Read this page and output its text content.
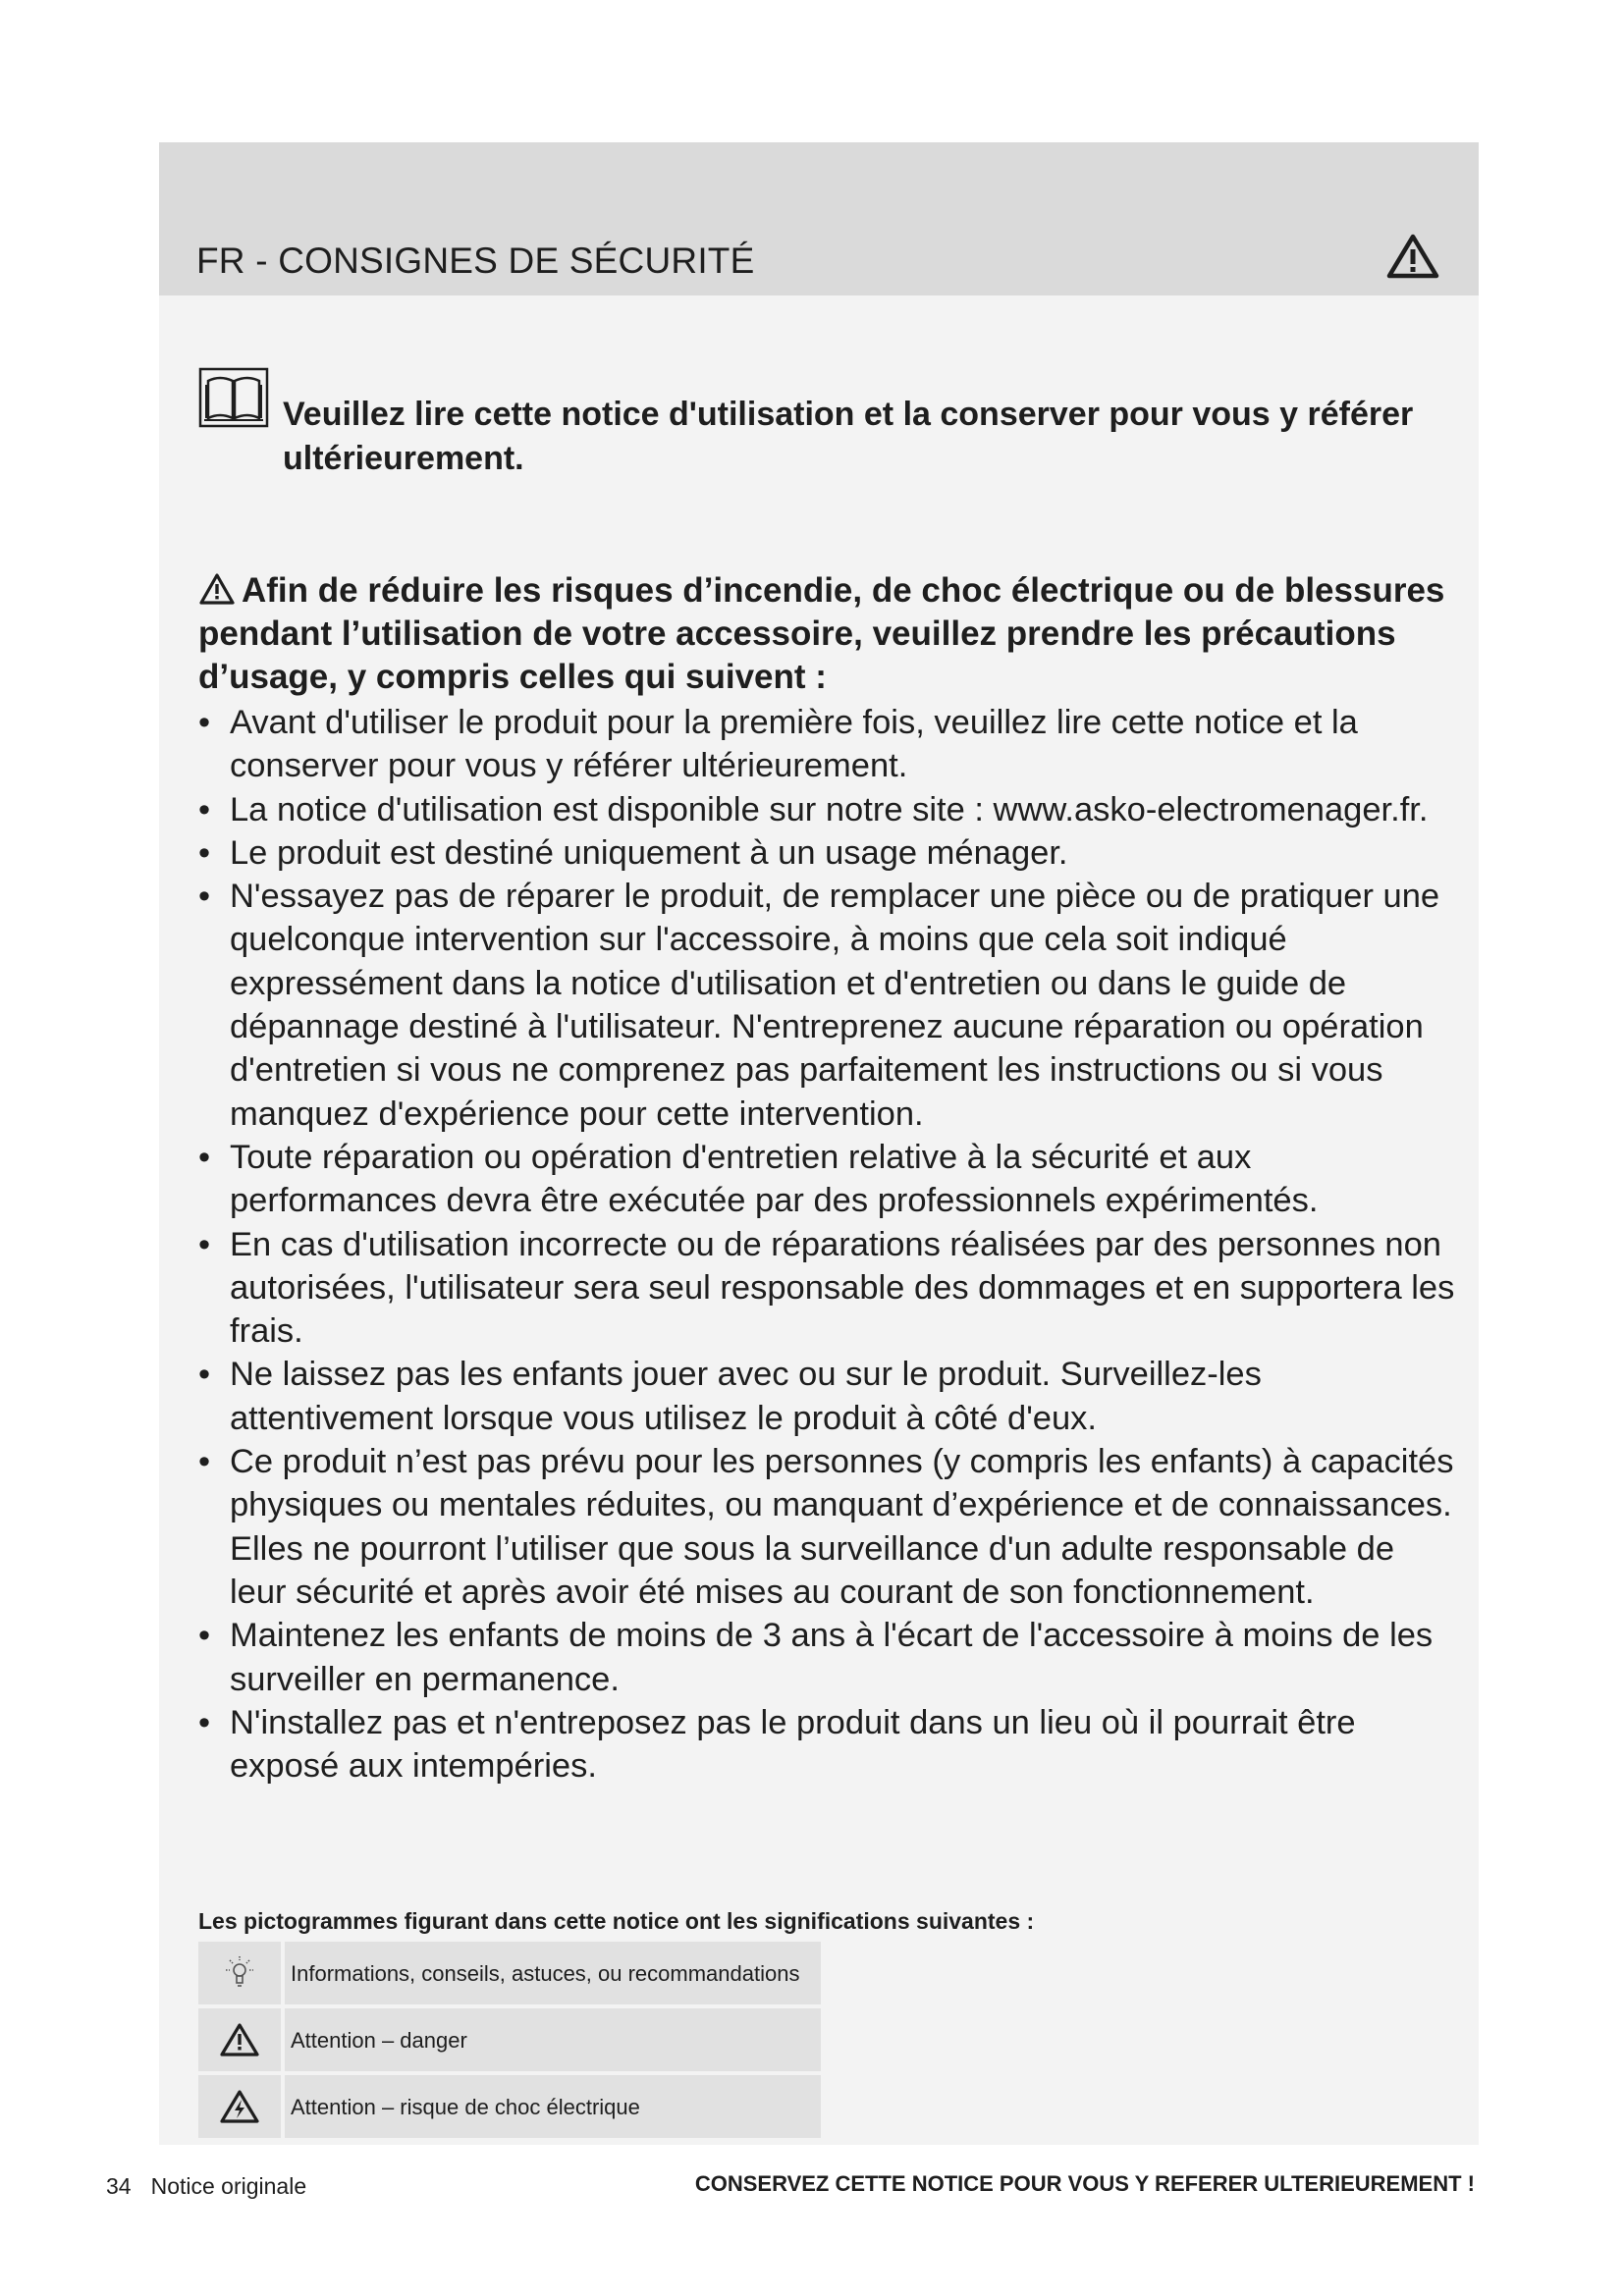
FR - CONSIGNES DE SÉCURITÉ
Veuillez lire cette notice d'utilisation et la conserver pour vous y référer ultérieurement.
Afin de réduire les risques d’incendie, de choc électrique ou de blessures pendant l’utilisation de votre accessoire, veuillez prendre les précautions d’usage, y compris celles qui suivent :
• Avant d'utiliser le produit pour la première fois, veuillez lire cette notice et la conserver pour vous y référer ultérieurement.
• La notice d'utilisation est disponible sur notre site : www.asko-electromenager.fr.
• Le produit est destiné uniquement à un usage ménager.
• N'essayez pas de réparer le produit, de remplacer une pièce ou de pratiquer une quelconque intervention sur l'accessoire, à moins que cela soit indiqué expressément dans la notice d'utilisation et d'entretien ou dans le guide de dépannage destiné à l'utilisateur. N'entreprenez aucune réparation ou opération d'entretien si vous ne comprenez pas parfaitement les instructions ou si vous manquez d'expérience pour cette intervention.
• Toute réparation ou opération d'entretien relative à la sécurité et aux performances devra être exécutée par des professionnels expérimentés.
• En cas d'utilisation incorrecte ou de réparations réalisées par des personnes non autorisées, l'utilisateur sera seul responsable des dommages et en supportera les frais.
• Ne laissez pas les enfants jouer avec ou sur le produit. Surveillez-les attentivement lorsque vous utilisez le produit à côté d'eux.
• Ce produit n’est pas prévu pour les personnes (y compris les enfants) à capacités physiques ou mentales réduites, ou manquant d’expérience et de connaissances. Elles ne pourront l’utiliser que sous la surveillance d'un adulte responsable de leur sécurité et après avoir été mises au courant de son fonctionnement.
• Maintenez les enfants de moins de 3 ans à l'écart de l'accessoire à moins de les surveiller en permanence.
• N'installez pas et n'entreposez pas le produit dans un lieu où il pourrait être exposé aux intempéries.
Les pictogrammes figurant dans cette notice ont les significations suivantes :
Informations, conseils, astuces, ou recommandations
Attention – danger
Attention – risque de choc électrique
34 Notice originale	CONSERVEZ CETTE NOTICE POUR VOUS Y REFERER ULTERIEUREMENT !
